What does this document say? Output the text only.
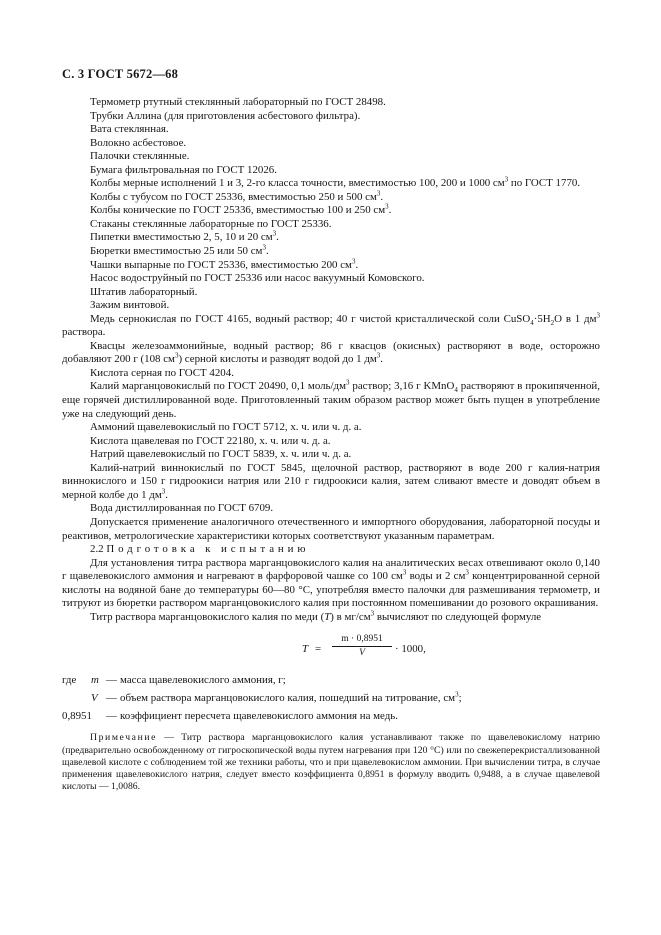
С. 3 ГОСТ 5672—68

Термометр ртутный стеклянный лабораторный по ГОСТ 28498.

Трубки Аллина (для приготовления асбестового фильтра).

Вата стеклянная.

Волокно асбестовое.

Палочки стеклянные.

Бумага фильтровальная по ГОСТ 12026.

Колбы мерные исполнений 1 и 3, 2-го класса точности, вместимостью 100, 200 и 1000 $см^3$ по ГОСТ 1770.

Колбы с тубусом по ГОСТ 25336, вместимостью 250 и 500 $см^3$.

Колбы конические по ГОСТ 25336, вместимостью 100 и 250 $см^3$.

Стаканы стеклянные лабораторные по ГОСТ 25336.

Пипетки вместимостью 2, 5, 10 и 20 $см^3$.

Бюретки вместимостью 25 или 50 $см^3$.

Чашки выпарные по ГОСТ 25336, вместимостью 200 $см^3$.

Насос водоструйный по ГОСТ 25336 или насос вакуумный Комовского.

Штатив лабораторный.

Зажим винтовой.

Медь сернокислая по ГОСТ 4165, водный раствор; 40 г чистой кристаллической соли $CuSO_4\cdot 5H_2O$ в 1 $дм^3$ раствора.

Квасцы железоаммонийные, водный раствор; 86 г квасцов (окисных) растворяют в воде, осторожно добавляют 200 г (108 $см^3$) серной кислоты и разводят водой до 1 $дм^3$.

Кислота серная по ГОСТ 4204.

Калий марганцовокислый по ГОСТ 20490, 0,1 моль/$дм^3$ раствор; 3,16 г KMnO$_4$ растворяют в прокипяченной, еще горячей дистиллированной воде. Приготовленный таким образом раствор может быть пущен в употребление уже на следующий день.

Аммоний щавелевокислый по ГОСТ 5712, х. ч. или ч. д. а.

Кислота щавелевая по ГОСТ 22180, х. ч. или ч. д. а.

Натрий щавелевокислый по ГОСТ 5839, х. ч. или ч. д. а.

Калий-натрий виннокислый по ГОСТ 5845, щелочной раствор, растворяют в воде 200 г калия-натрия виннокислого и 150 г гидроокиси натрия или 210 г гидроокиси калия, затем сливают вместе и доводят объем в мерной колбе до 1 $дм^3$.

Вода дистиллированная по ГОСТ 6709.

Допускается применение аналогичного отечественного и импортного оборудования, лабораторной посуды и реактивов, метрологические характеристики которых соответствуют указанным параметрам.

2.2 Подготовка к испытанию

Для установления титра раствора марганцовокислого калия на аналитических весах отвешивают около 0,140 г щавелевокислого аммония и нагревают в фарфоровой чашке со 100 $см^3$ воды и 2 $см^3$ концентрированной серной кислоты на водяной бане до температуры 60—80 °С, употребляя вместо палочки для размешивания термометр, и титруют из бюретки раствором марганцовокислого калия при постоянном помешивании до розового окрашивания.

Титр раствора марганцовокислого калия по меди (T) в $мг/см^3$ вычисляют по следующей формуле

$T = \frac{m \cdot 0,8951}{V} \cdot 1000$,
где m — масса щавелевокислого аммония, г;
V — объем раствора марганцовокислого калия, пошедший на титрование, $см^3$;
0,8951 — коэффициент пересчета щавелевокислого аммония на медь.

Примечание — Титр раствора марганцовокислого калия устанавливают также по щавелевокислому натрию (предварительно освобожденному от гигроскопической воды путем нагревания при 120 °С) или по свежеперекристаллизованной щавелевой кислоте с соблюдением той же техники работы, что и при щавелевокислом аммонии. При вычислении титра, в случае применения щавелевокислого натрия, следует вместо коэффициента 0,8951 в формулу вводить 0,9488, а в случае щавелевой кислоты — 1,0086.
